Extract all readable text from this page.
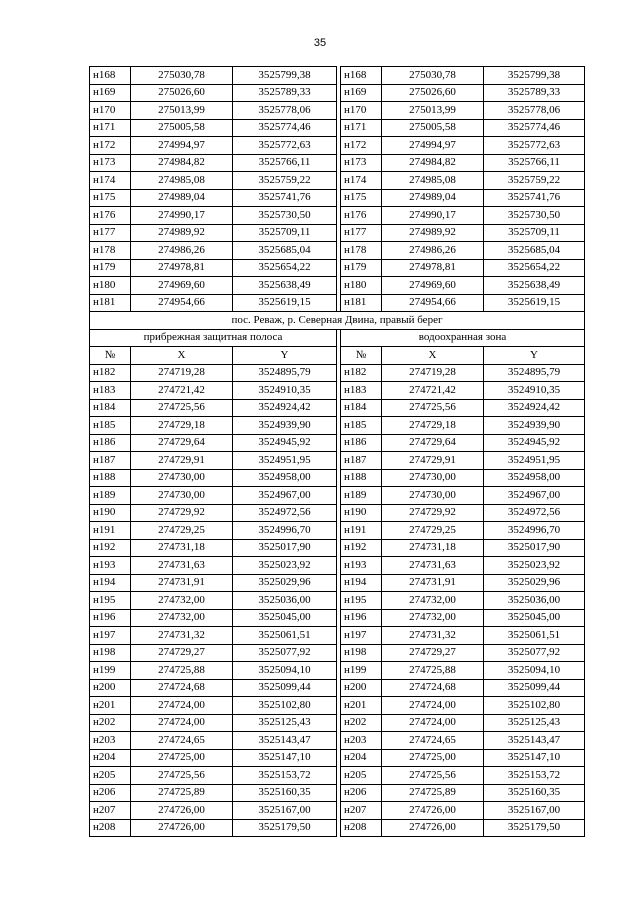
35
н168	275030,78	3525799,38		н168	275030,78	3525799,38
н169	275026,60	3525789,33		н169	275026,60	3525789,33
н170	275013,99	3525778,06		н170	275013,99	3525778,06
н171	275005,58	3525774,46		н171	275005,58	3525774,46
н172	274994,97	3525772,63		н172	274994,97	3525772,63
н173	274984,82	3525766,11		н173	274984,82	3525766,11
н174	274985,08	3525759,22		н174	274985,08	3525759,22
н175	274989,04	3525741,76		н175	274989,04	3525741,76
н176	274990,17	3525730,50		н176	274990,17	3525730,50
н177	274989,92	3525709,11		н177	274989,92	3525709,11
н178	274986,26	3525685,04		н178	274986,26	3525685,04
н179	274978,81	3525654,22		н179	274978,81	3525654,22
н180	274969,60	3525638,49		н180	274969,60	3525638,49
н181	274954,66	3525619,15		н181	274954,66	3525619,15
пос. Реваж, р. Северная Двина, правый берег						
прибрежная защитная полоса				водоохранная зона		
№	X	Y		№	X	Y
н182	274719,28	3524895,79		н182	274719,28	3524895,79
н183	274721,42	3524910,35		н183	274721,42	3524910,35
н184	274725,56	3524924,42		н184	274725,56	3524924,42
н185	274729,18	3524939,90		н185	274729,18	3524939,90
н186	274729,64	3524945,92		н186	274729,64	3524945,92
н187	274729,91	3524951,95		н187	274729,91	3524951,95
н188	274730,00	3524958,00		н188	274730,00	3524958,00
н189	274730,00	3524967,00		н189	274730,00	3524967,00
н190	274729,92	3524972,56		н190	274729,92	3524972,56
н191	274729,25	3524996,70		н191	274729,25	3524996,70
н192	274731,18	3525017,90		н192	274731,18	3525017,90
н193	274731,63	3525023,92		н193	274731,63	3525023,92
н194	274731,91	3525029,96		н194	274731,91	3525029,96
н195	274732,00	3525036,00		н195	274732,00	3525036,00
н196	274732,00	3525045,00		н196	274732,00	3525045,00
н197	274731,32	3525061,51		н197	274731,32	3525061,51
н198	274729,27	3525077,92		н198	274729,27	3525077,92
н199	274725,88	3525094,10		н199	274725,88	3525094,10
н200	274724,68	3525099,44		н200	274724,68	3525099,44
н201	274724,00	3525102,80		н201	274724,00	3525102,80
н202	274724,00	3525125,43		н202	274724,00	3525125,43
н203	274724,65	3525143,47		н203	274724,65	3525143,47
н204	274725,00	3525147,10		н204	274725,00	3525147,10
н205	274725,56	3525153,72		н205	274725,56	3525153,72
н206	274725,89	3525160,35		н206	274725,89	3525160,35
н207	274726,00	3525167,00		н207	274726,00	3525167,00
н208	274726,00	3525179,50		н208	274726,00	3525179,50
